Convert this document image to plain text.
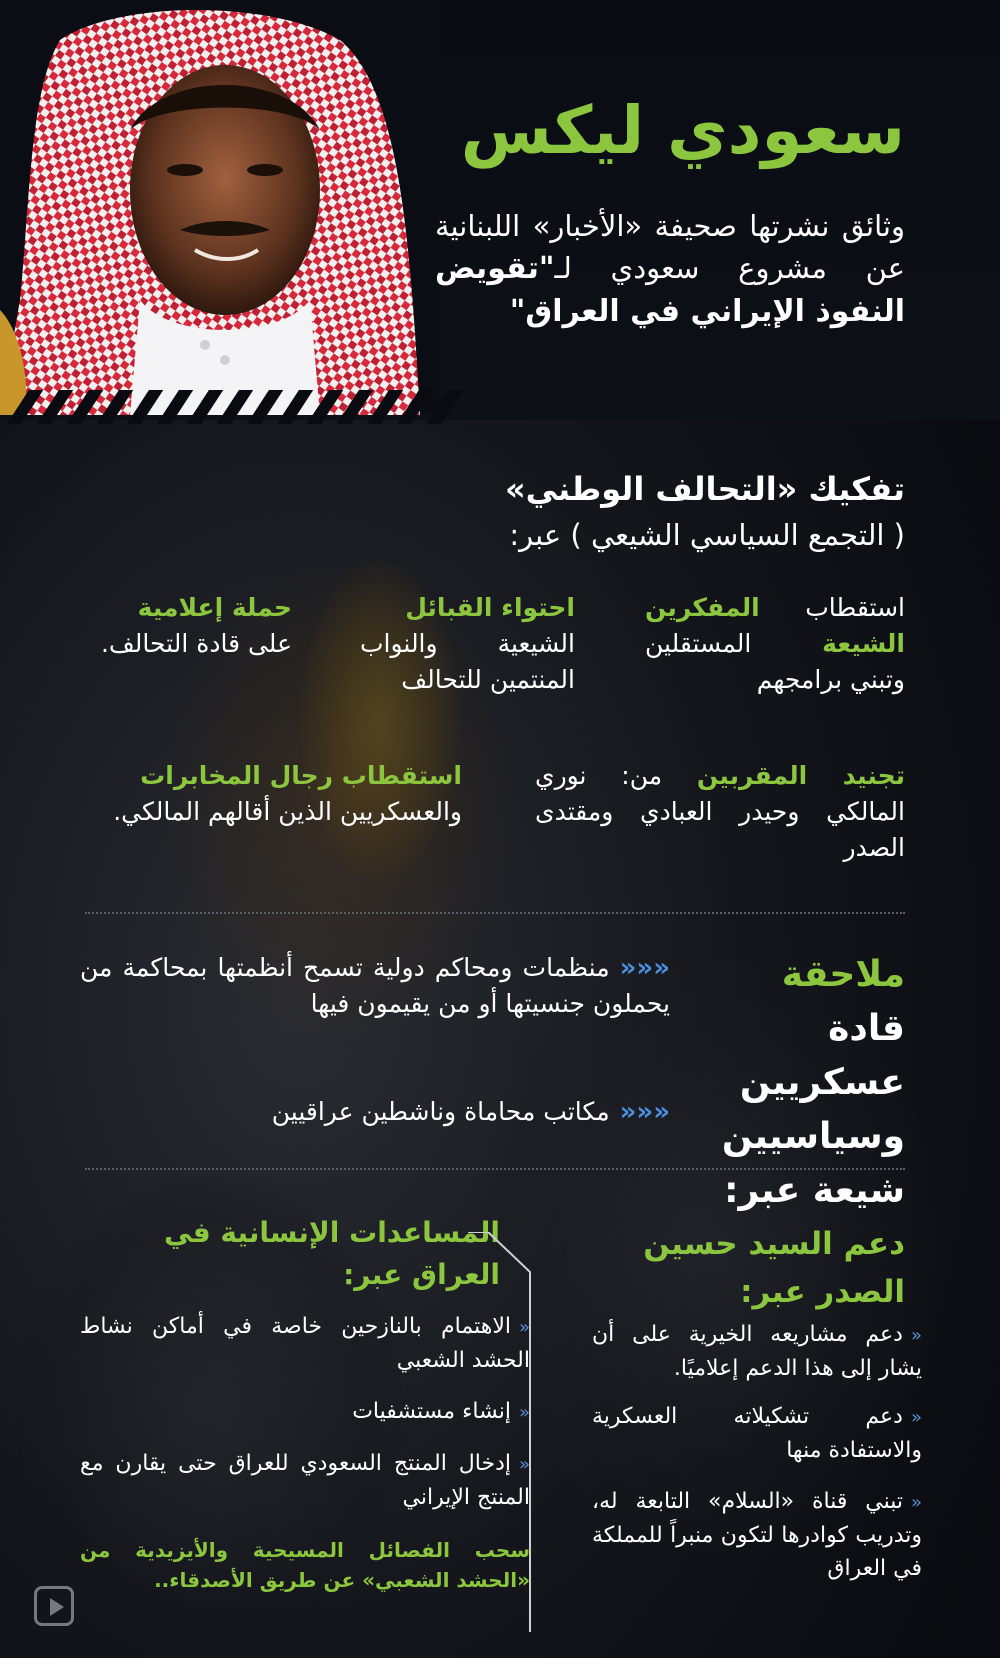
سعودي ليكس
وثائق نشرتها صحيفة «الأخبار» اللبنانية عن مشروع سعودي لـ"تقويض النفوذ الإيراني في العراق"
تفكيك «التحالف الوطني»
( التجمع السياسي الشيعي ) عبر:
استقطاب المفكرين الشيعة المستقلين وتبني برامجهم
احتواء القبائل
الشيعية والنواب المنتمين للتحالف
حملة إعلامية
على قادة التحالف.
تجنيد المقربين من: نوري المالكي وحيدر العبادي ومقتدى الصدر
استقطاب رجال المخابرات
والعسكريين الذين أقالهم المالكي.
ملاحقة قادة
عسكريين وسياسيين
شيعة عبر:
«««منظمات ومحاكم دولية تسمح أنظمتها بمحاكمة من يحملون جنسيتها أو من يقيمون فيها
«««مكاتب محاماة وناشطين عراقيين
دعم السيد حسين الصدر عبر:
المساعدات الإنسانية في العراق عبر:
«الاهتمام بالنازحين خاصة في أماكن نشاط الحشد الشعبي
«إنشاء مستشفيات
«إدخال المنتج السعودي للعراق حتى يقارن مع المنتج الإيراني
سحب الفصائل المسيحية والأيزيدية من «الحشد الشعبي» عن طريق الأصدقاء..
«دعم مشاريعه الخيرية على أن يشار إلى هذا الدعم إعلاميًا.
«دعم تشكيلاته العسكرية والاستفادة منها
«تبني قناة «السلام» التابعة له، وتدريب كوادرها لتكون منبراً للمملكة في العراق
